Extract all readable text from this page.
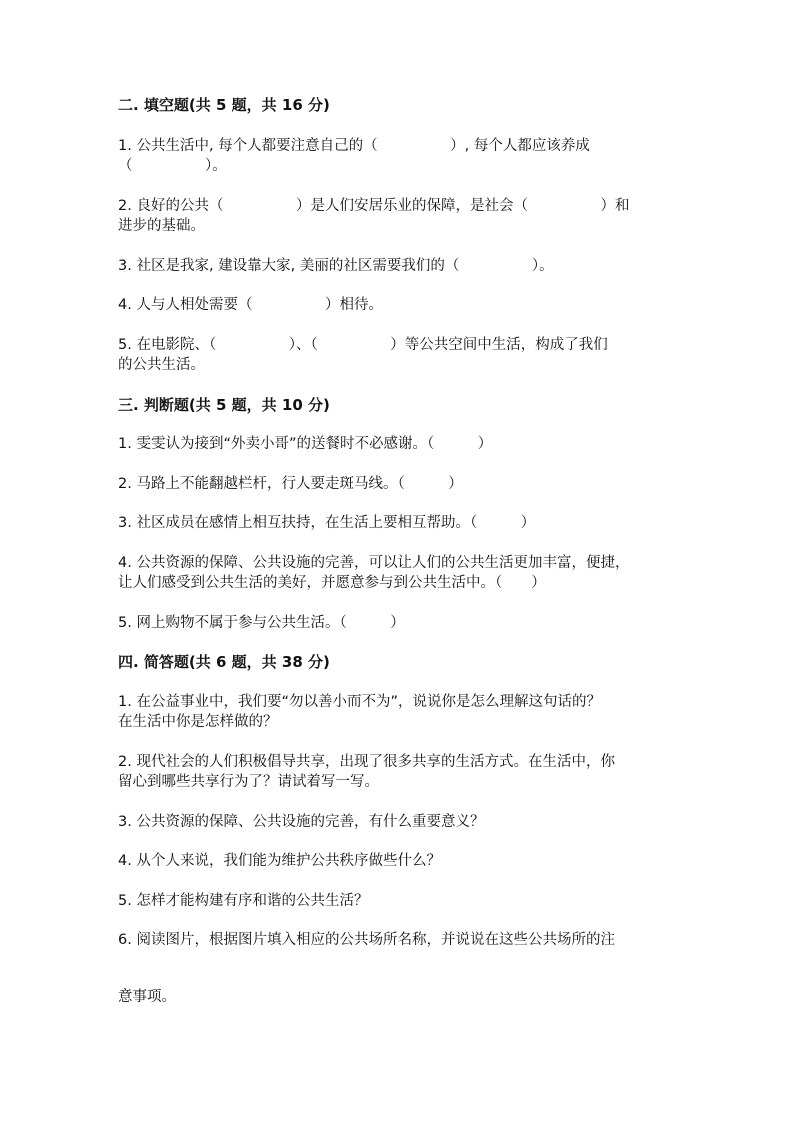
二. 填空题(共 5 题，共 16 分)
1. 公共生活中, 每个人都要注意自己的（　　　　　）, 每个人都应该养成
（　　　　　）。
2. 良好的公共（　　　　　）是人们安居乐业的保障，是社会（　　　　　）和
进步的基础。
3. 社区是我家, 建设靠大家, 美丽的社区需要我们的（　　　　　）。
4. 人与人相处需要（　　　　　）相待。
5. 在电影院、（　　　　　）、（　　　　　）等公共空间中生活，构成了我们
的公共生活。
三. 判断题(共 5 题，共 10 分)
1. 雯雯认为接到“外卖小哥”的送餐时不必感谢。（　　　）
2. 马路上不能翻越栏杆，行人要走斑马线。（　　　）
3. 社区成员在感情上相互扶持，在生活上要相互帮助。（　　　）
4. 公共资源的保障、公共设施的完善，可以让人们的公共生活更加丰富，便捷，
让人们感受到公共生活的美好，并愿意参与到公共生活中。（　　）
5. 网上购物不属于参与公共生活。（　　　）
四. 简答题(共 6 题，共 38 分)
1. 在公益事业中，我们要“勿以善小而不为”，说说你是怎么理解这句话的？
在生活中你是怎样做的？
2. 现代社会的人们积极倡导共享，出现了很多共享的生活方式。在生活中，你
留心到哪些共享行为了？请试着写一写。
3. 公共资源的保障、公共设施的完善，有什么重要意义？
4. 从个人来说，我们能为维护公共秩序做些什么？
5. 怎样才能构建有序和谐的公共生活？
6. 阅读图片，根据图片填入相应的公共场所名称，并说说在这些公共场所的注
意事项。
